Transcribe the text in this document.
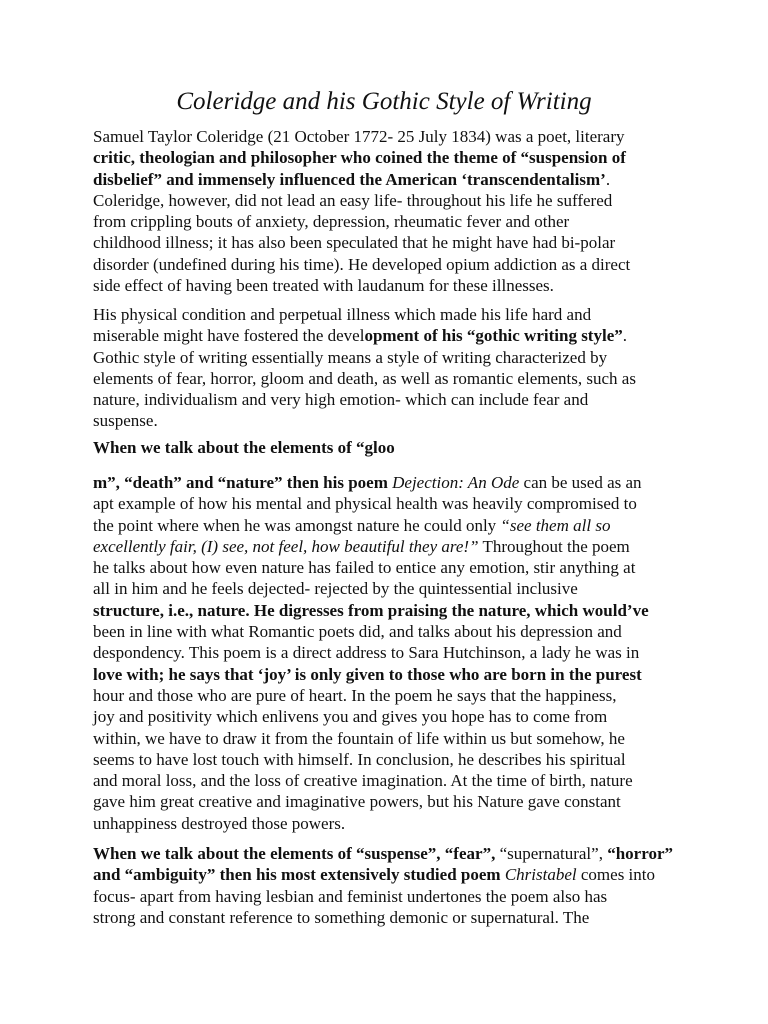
Coleridge and his Gothic Style of Writing
Samuel Taylor Coleridge (21 October 1772- 25 July 1834) was a poet, literary
critic, theologian and philosopher who coined the theme of “suspension of
disbelief” and immensely influenced the American ‘transcendentalism’.
Coleridge, however, did not lead an easy life- throughout his life he suffered
from crippling bouts of anxiety, depression, rheumatic fever and other
childhood illness; it has also been speculated that he might have had bi-polar
disorder (undefined during his time). He developed opium addiction as a direct
side effect of having been treated with laudanum for these illnesses.
His physical condition and perpetual illness which made his life hard and
miserable might have fostered the development of his “gothic writing style”.
Gothic style of writing essentially means a style of writing characterized by
elements of fear, horror, gloom and death, as well as romantic elements, such as
nature, individualism and very high emotion- which can include fear and
suspense.
When we talk about the elements of “gloo
m”, “death” and “nature” then his poem Dejection: An Ode can be used as an
apt example of how his mental and physical health was heavily compromised to
the point where when he was amongst nature he could only “see them all so
excellently fair, (I) see, not feel, how beautiful they are!” Throughout the poem
he talks about how even nature has failed to entice any emotion, stir anything at
all in him and he feels dejected- rejected by the quintessential inclusive
structure, i.e., nature. He digresses from praising the nature, which would’ve
been in line with what Romantic poets did, and talks about his depression and
despondency. This poem is a direct address to Sara Hutchinson, a lady he was in
love with; he says that ‘joy’ is only given to those who are born in the purest
hour and those who are pure of heart. In the poem he says that the happiness,
joy and positivity which enlivens you and gives you hope has to come from
within, we have to draw it from the fountain of life within us but somehow, he
seems to have lost touch with himself. In conclusion, he describes his spiritual
and moral loss, and the loss of creative imagination. At the time of birth, nature
gave him great creative and imaginative powers, but his Nature gave constant
unhappiness destroyed those powers.
When we talk about the elements of “suspense”, “fear”, “supernatural”, “horror”
and “ambiguity” then his most extensively studied poem Christabel comes into
focus- apart from having lesbian and feminist undertones the poem also has
strong and constant reference to something demonic or supernatural. The
